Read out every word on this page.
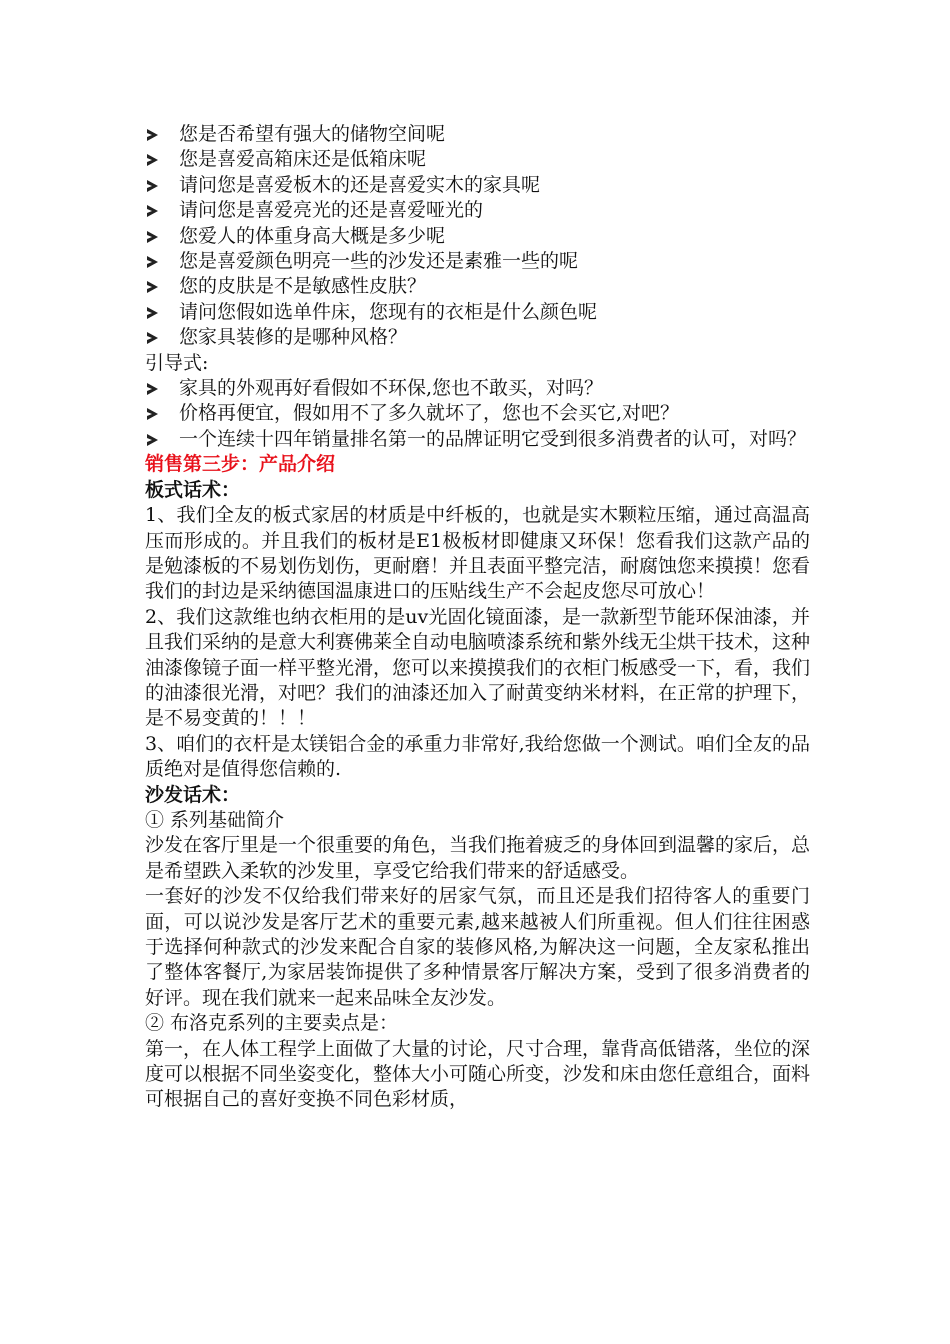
您是否希望有强大的储物空间呢
您是喜爱高箱床还是低箱床呢
请问您是喜爱板木的还是喜爱实木的家具呢
请问您是喜爱亮光的还是喜爱哑光的
您爱人的体重身高大概是多少呢
您是喜爱颜色明亮一些的沙发还是素雅一些的呢
您的皮肤是不是敏感性皮肤？
请问您假如选单件床，您现有的衣柜是什么颜色呢
您家具装修的是哪种风格？
引导式:
家具的外观再好看假如不环保,您也不敢买，对吗？
价格再便宜，假如用不了多久就坏了，您也不会买它,对吧？
一个连续十四年销量排名第一的品牌证明它受到很多消费者的认可，对吗？
销售第三步：产品介绍
板式话术：
1、我们全友的板式家居的材质是中纤板的，也就是实木颗粒压缩，通过高温高压而形成的。并且我们的板材是E1极板材即健康又环保！您看我们这款产品的是勉漆板的不易划伤划伤，更耐磨！并且表面平整完洁，耐腐蚀您来摸摸！您看我们的封边是采纳德国温康进口的压贴线生产不会起皮您尽可放心！
2、我们这款维也纳衣柜用的是uv光固化镜面漆，是一款新型节能环保油漆，并且我们采纳的是意大利赛佛莱全自动电脑喷漆系统和紫外线无尘烘干技术，这种油漆像镜子面一样平整光滑，您可以来摸摸我们的衣柜门板感受一下，看，我们的油漆很光滑，对吧？我们的油漆还加入了耐黄变纳米材料，在正常的护理下，是不易变黄的！！！
3、咱们的衣杆是太镁铝合金的承重力非常好,我给您做一个测试。咱们全友的品质绝对是值得您信赖的.
沙发话术：
① 系列基础简介
沙发在客厅里是一个很重要的角色，当我们拖着疲乏的身体回到温馨的家后，总是希望跌入柔软的沙发里，享受它给我们带来的舒适感受。
一套好的沙发不仅给我们带来好的居家气氛，而且还是我们招待客人的重要门面，可以说沙发是客厅艺术的重要元素,越来越被人们所重视。但人们往往困惑于选择何种款式的沙发来配合自家的装修风格,为解决这一问题，全友家私推出了整体客餐厅,为家居装饰提供了多种情景客厅解决方案，受到了很多消费者的好评。现在我们就来一起来品味全友沙发。
② 布洛克系列的主要卖点是：
第一，在人体工程学上面做了大量的讨论，尺寸合理，靠背高低错落，坐位的深度可以根据不同坐姿变化，整体大小可随心所变，沙发和床由您任意组合，面料可根据自己的喜好变换不同色彩材质，
